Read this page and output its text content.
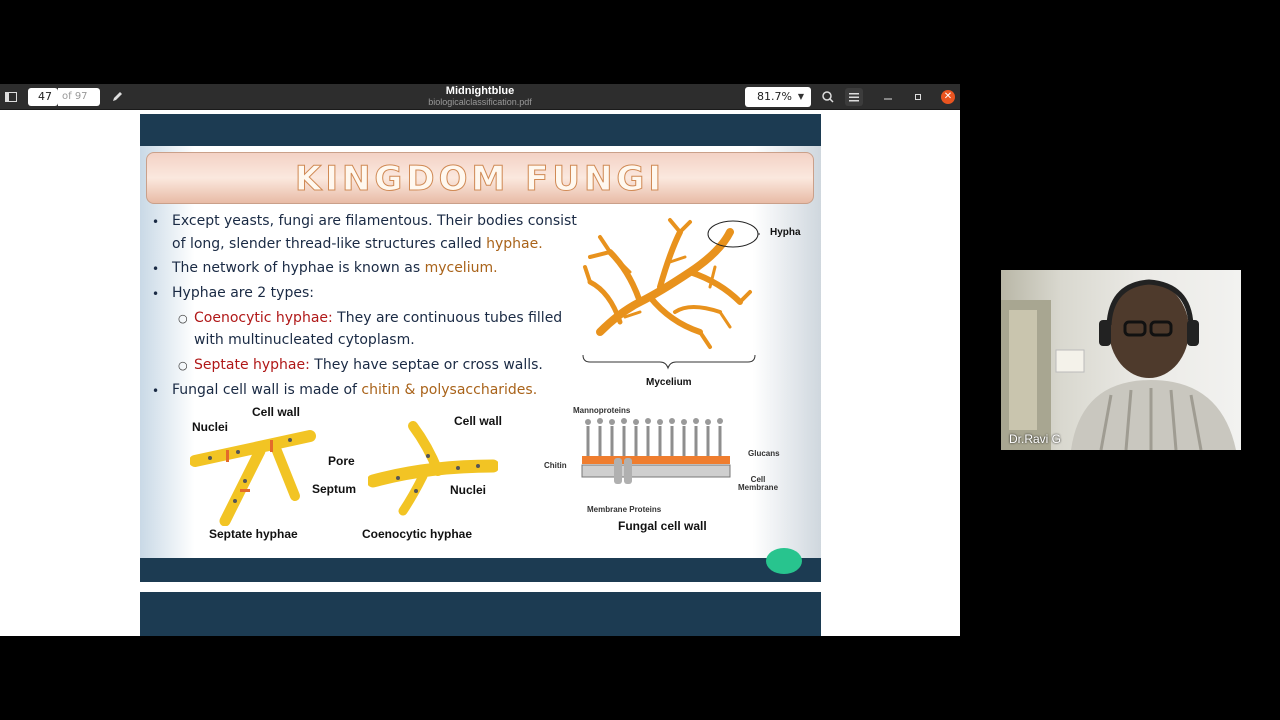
47	of 97	Midnightblue
biologicalclassification.pdf	81.7% ▼	✕
KINGDOM FUNGI
• Except yeasts, fungi are filamentous. Their bodies consist
of long, slender thread-like structures called hyphae.
• The network of hyphae is known as mycelium.
• Hyphae are 2 types:
○ Coenocytic hyphae: They are continuous tubes filled
with multinucleated cytoplasm.
○ Septate hyphae: They have septae or cross walls.
• Fungal cell wall is made of chitin & polysaccharides.
Hypha
Mycelium
Nuclei
Cell wall
Pore
Septum
Septate hyphae
Cell wall
Nuclei
Coenocytic hyphae
Mannoproteins
Chitin
Glucans
Cell
Membrane
Membrane Proteins
Fungal cell wall
Dr.Ravi G
